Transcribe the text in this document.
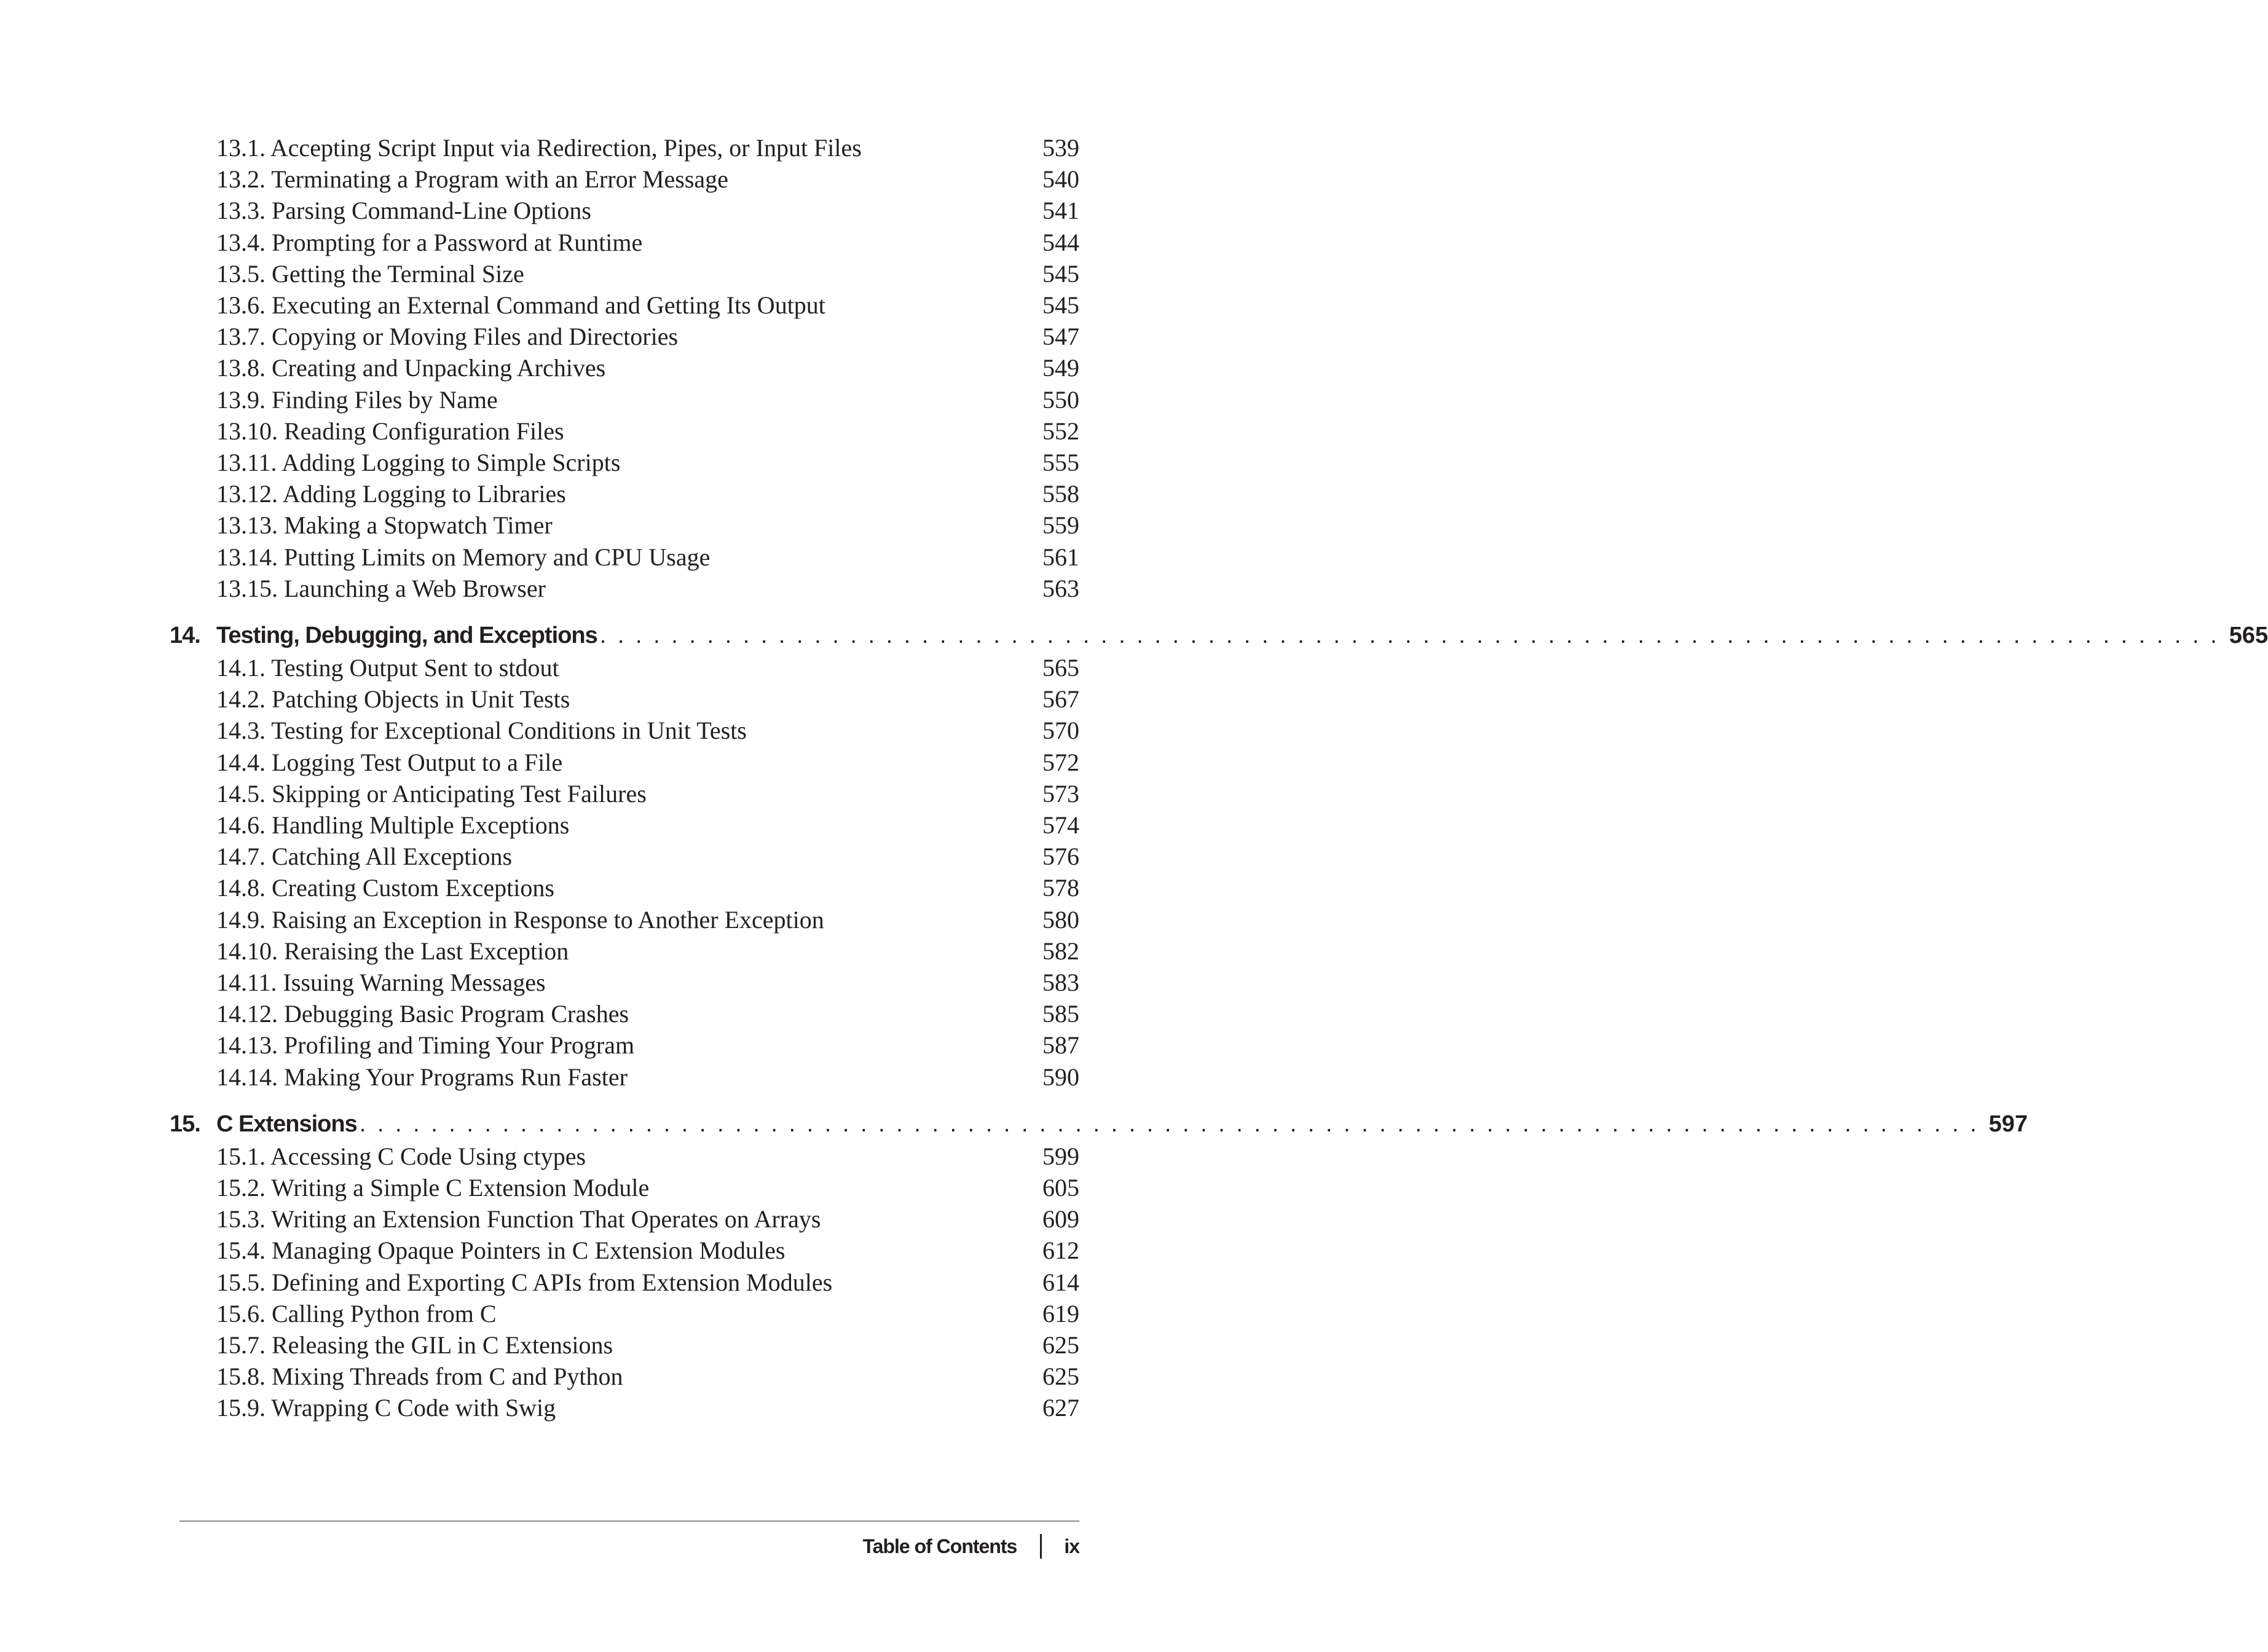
13.1. Accepting Script Input via Redirection, Pipes, or Input Files	539
13.2. Terminating a Program with an Error Message	540
13.3. Parsing Command-Line Options	541
13.4. Prompting for a Password at Runtime	544
13.5. Getting the Terminal Size	545
13.6. Executing an External Command and Getting Its Output	545
13.7. Copying or Moving Files and Directories	547
13.8. Creating and Unpacking Archives	549
13.9. Finding Files by Name	550
13.10. Reading Configuration Files	552
13.11. Adding Logging to Simple Scripts	555
13.12. Adding Logging to Libraries	558
13.13. Making a Stopwatch Timer	559
13.14. Putting Limits on Memory and CPU Usage	561
13.15. Launching a Web Browser	563
14. Testing, Debugging, and Exceptions . . . . . . . . . . . . . . . . . . . . . . . . . . . . . . . . . . . . . . . . . . . . . . . . . . . . . . . . . . . . . . . . . . . . . . . . . . . . . . . . . . . . . . . . . . . 565
14.1. Testing Output Sent to stdout	565
14.2. Patching Objects in Unit Tests	567
14.3. Testing for Exceptional Conditions in Unit Tests	570
14.4. Logging Test Output to a File	572
14.5. Skipping or Anticipating Test Failures	573
14.6. Handling Multiple Exceptions	574
14.7. Catching All Exceptions	576
14.8. Creating Custom Exceptions	578
14.9. Raising an Exception in Response to Another Exception	580
14.10. Reraising the Last Exception	582
14.11. Issuing Warning Messages	583
14.12. Debugging Basic Program Crashes	585
14.13. Profiling and Timing Your Program	587
14.14. Making Your Programs Run Faster	590
15. C Extensions . . . . . . . . . . . . . . . . . . . . . . . . . . . . . . . . . . . . . . . . . . . . . . . . . . . . . . . . . . . . . . . . . . . . . . . . . . . . . . . . . . . . . . . . . . . 597
15.1. Accessing C Code Using ctypes	599
15.2. Writing a Simple C Extension Module	605
15.3. Writing an Extension Function That Operates on Arrays	609
15.4. Managing Opaque Pointers in C Extension Modules	612
15.5. Defining and Exporting C APIs from Extension Modules	614
15.6. Calling Python from C	619
15.7. Releasing the GIL in C Extensions	625
15.8. Mixing Threads from C and Python	625
15.9. Wrapping C Code with Swig	627
Table of Contents ix
